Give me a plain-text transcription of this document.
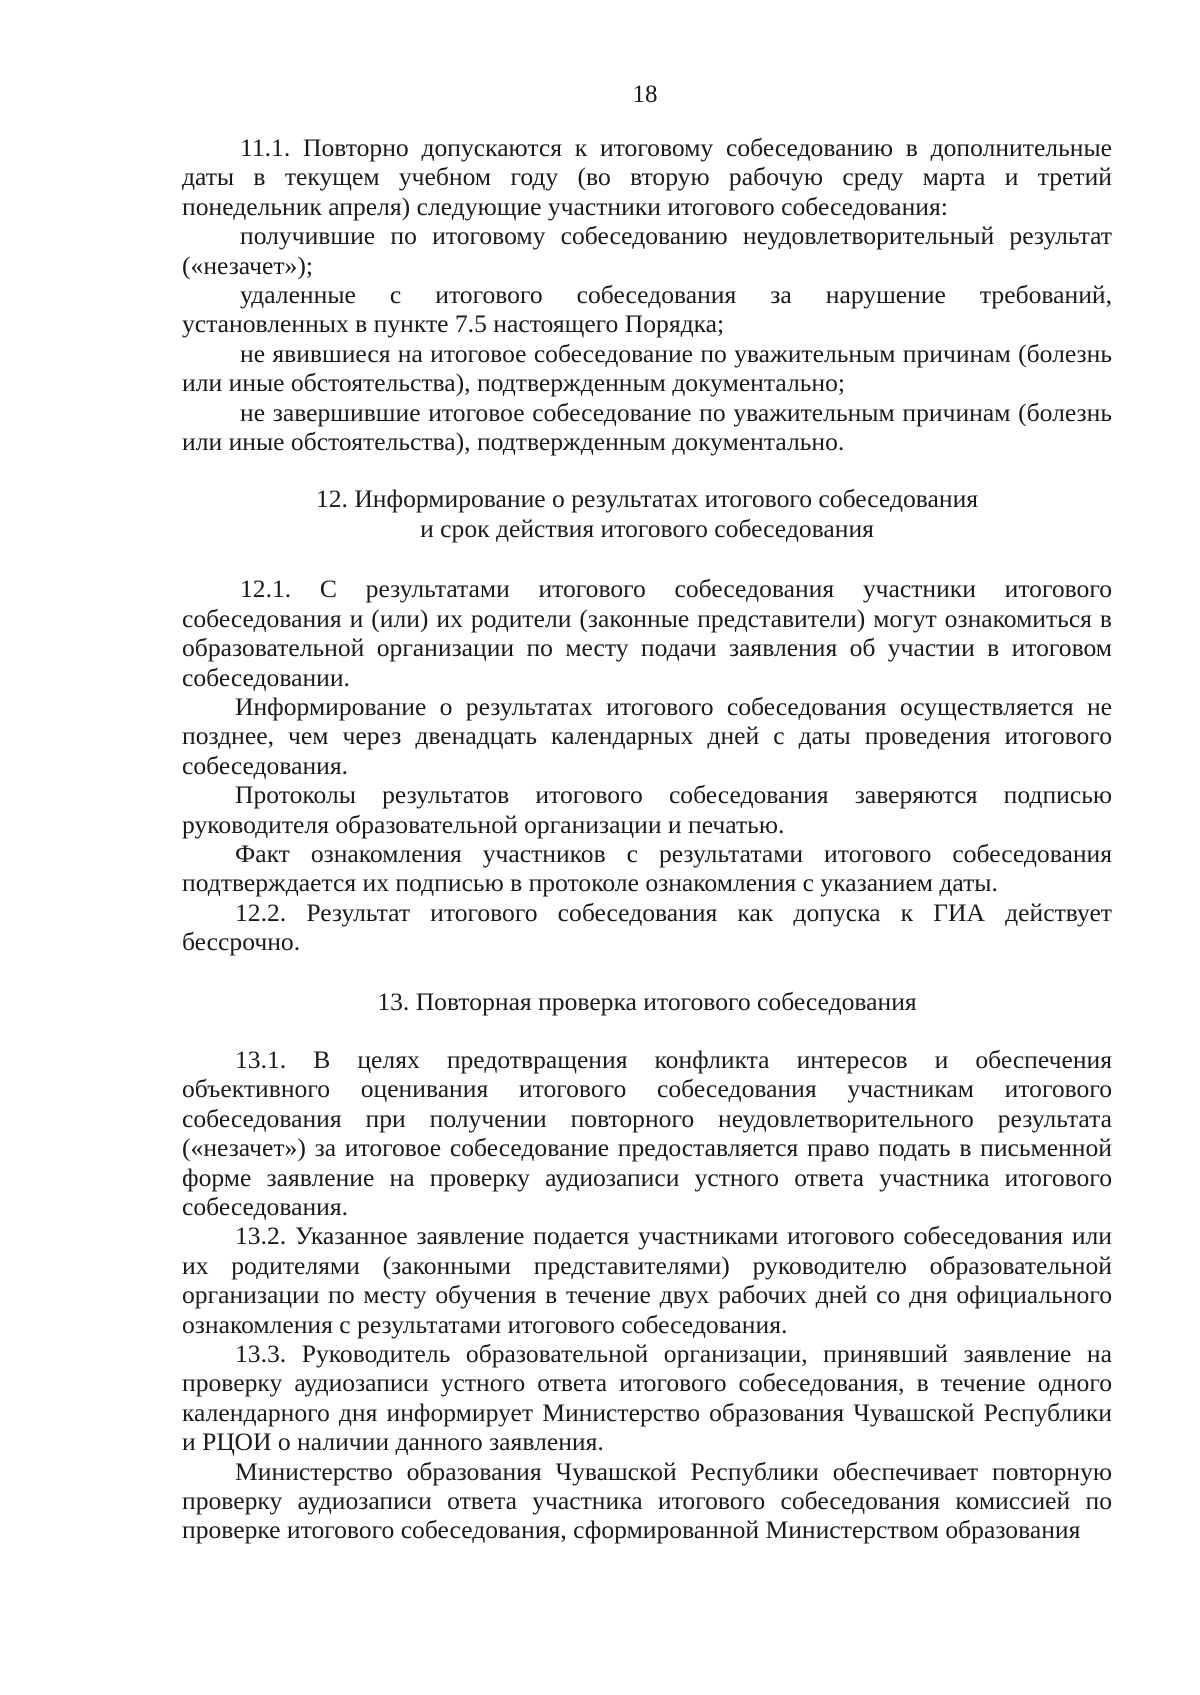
18

11.1. Повторно допускаются к итоговому собеседованию в дополнительные даты в текущем учебном году (во вторую рабочую среду марта и третий понедельник апреля) следующие участники итогового собеседования:

получившие по итоговому собеседованию неудовлетворительный результат («незачет»);

удаленные с итогового собеседования за нарушение требований, установленных в пункте 7.5 настоящего Порядка;

не явившиеся на итоговое собеседование по уважительным причинам (болезнь или иные обстоятельства), подтвержденным документально;

не завершившие итоговое собеседование по уважительным причинам (болезнь или иные обстоятельства), подтвержденным документально.

12. Информирование о результатах итогового собеседования
и срок действия итогового собеседования

12.1. С результатами итогового собеседования участники итогового собеседования и (или) их родители (законные представители) могут ознакомиться в образовательной организации по месту подачи заявления об участии в итоговом собеседовании.

Информирование о результатах итогового собеседования осуществляется не позднее, чем через двенадцать календарных дней с даты проведения итогового собеседования.

Протоколы результатов итогового собеседования заверяются подписью руководителя образовательной организации и печатью.

Факт ознакомления участников с результатами итогового собеседования подтверждается их подписью в протоколе ознакомления с указанием даты.

12.2. Результат итогового собеседования как допуска к ГИА действует бессрочно.

13. Повторная проверка итогового собеседования

13.1. В целях предотвращения конфликта интересов и обеспечения объективного оценивания итогового собеседования участникам итогового собеседования при получении повторного неудовлетворительного результата («незачет») за итоговое собеседование предоставляется право подать в письменной форме заявление на проверку аудиозаписи устного ответа участника итогового собеседования.

13.2. Указанное заявление подается участниками итогового собеседования или их родителями (законными представителями) руководителю образовательной организации по месту обучения в течение двух рабочих дней со дня официального ознакомления с результатами итогового собеседования.

13.3. Руководитель образовательной организации, принявший заявление на проверку аудиозаписи устного ответа итогового собеседования, в течение одного календарного дня информирует Министерство образования Чувашской Республики и РЦОИ о наличии данного заявления.

Министерство образования Чувашской Республики обеспечивает повторную проверку аудиозаписи ответа участника итогового собеседования комиссией по проверке итогового собеседования, сформированной Министерством образования
